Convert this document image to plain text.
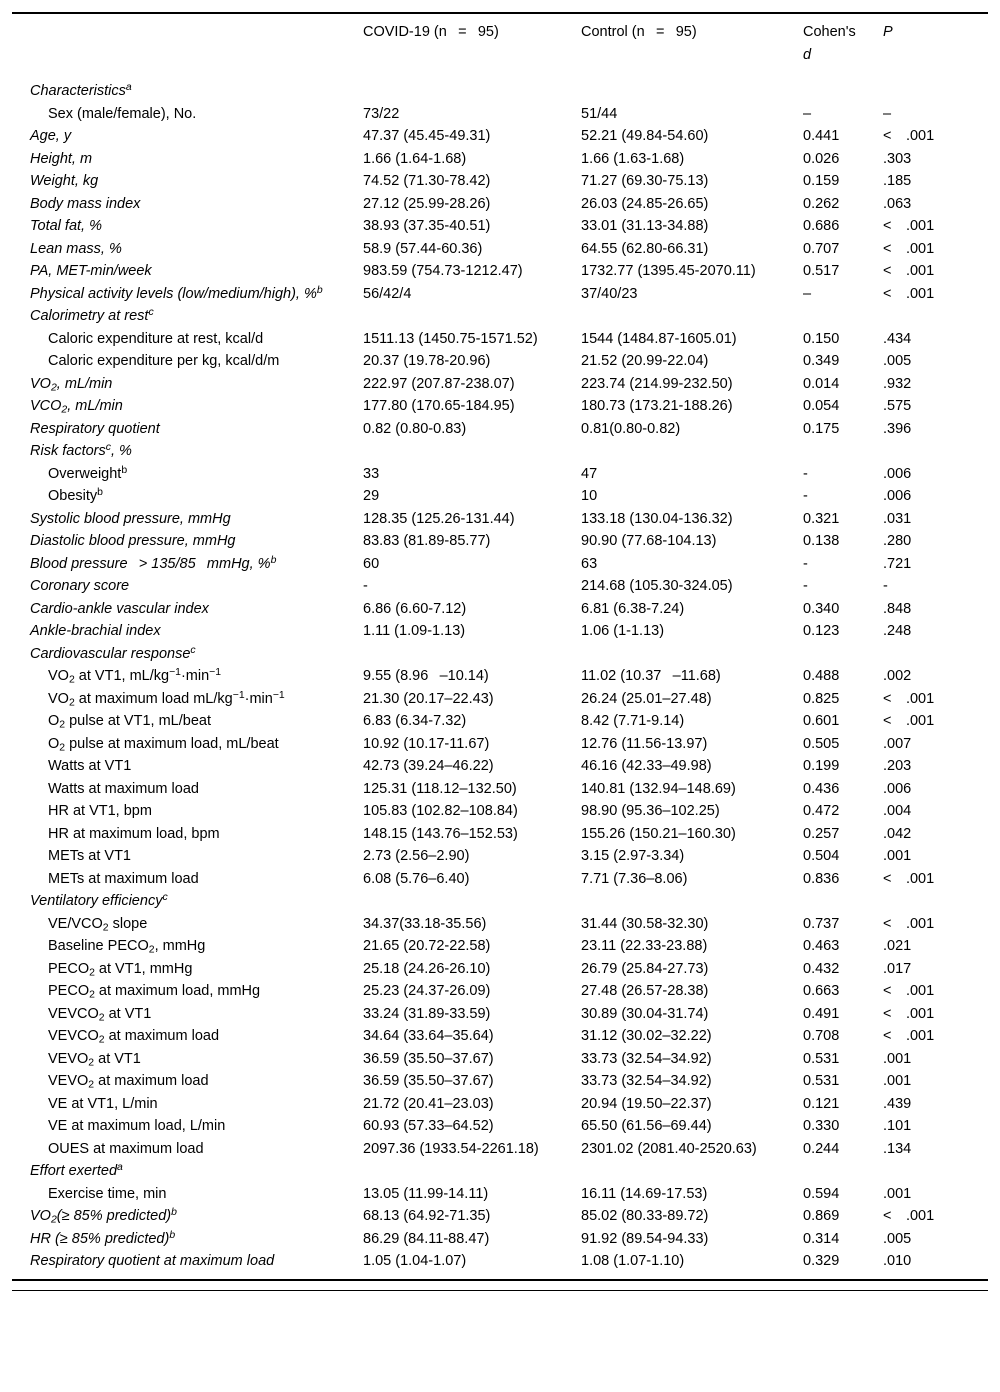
	COVID-19 (n  =  95)	Control (n  =  95)	Cohen's
d	P
Characteristics$^a$				
Sex (male/female), No.	73/22	51/44	–	–
Age, y	47.37 (45.45-49.31)	52.21 (49.84-54.60)	0.441	<  .001
Height, m	1.66 (1.64-1.68)	1.66 (1.63-1.68)	0.026	.303
Weight, kg	74.52 (71.30-78.42)	71.27 (69.30-75.13)	0.159	.185
Body mass index	27.12 (25.99-28.26)	26.03 (24.85-26.65)	0.262	.063
Total fat, %	38.93 (37.35-40.51)	33.01 (31.13-34.88)	0.686	<  .001
Lean mass, %	58.9 (57.44-60.36)	64.55 (62.80-66.31)	0.707	<  .001
PA, MET-min/week	983.59 (754.73-1212.47)	1732.77 (1395.45-2070.11)	0.517	<  .001
Physical activity levels (low/medium/high), %$^b$	56/42/4	37/40/23	–	<  .001
Calorimetry at rest$^c$				
Caloric expenditure at rest, kcal/d	1511.13 (1450.75-1571.52)	1544 (1484.87-1605.01)	0.150	.434
Caloric expenditure per kg, kcal/d/m	20.37 (19.78-20.96)	21.52 (20.99-22.04)	0.349	.005
$VO_2$, mL/min	222.97 (207.87-238.07)	223.74 (214.99-232.50)	0.014	.932
$VCO_2$, mL/min	177.80 (170.65-184.95)	180.73 (173.21-188.26)	0.054	.575
Respiratory quotient	0.82 (0.80-0.83)	0.81(0.80-0.82)	0.175	.396
Risk factors$^c$, %				
Overweight$^b$	33	47	-	.006
Obesity$^b$	29	10	-	.006
Systolic blood pressure, mmHg	128.35 (125.26-131.44)	133.18 (130.04-136.32)	0.321	.031
Diastolic blood pressure, mmHg	83.83 (81.89-85.77)	90.90 (77.68-104.13)	0.138	.280
Blood pressure  > 135/85  mmHg, %$^b$	60	63	-	.721
Coronary score	-	214.68 (105.30-324.05)	-	-
Cardio-ankle vascular index	6.86 (6.60-7.12)	6.81 (6.38-7.24)	0.340	.848
Ankle-brachial index	1.11 (1.09-1.13)	1.06 (1-1.13)	0.123	.248
Cardiovascular response$^c$				
$VO_2$ at VT1, $mL/kg^{-1}\cdot\min^{-1}$	9.55 (8.96  –10.14)	11.02 (10.37  –11.68)	0.488	.002
$VO_2$ at maximum load $mL/kg^{-1}\cdot\min^{-1}$	21.30 (20.17–22.43)	26.24 (25.01–27.48)	0.825	<  .001
$O_2$ pulse at VT1, mL/beat	6.83 (6.34-7.32)	8.42 (7.71-9.14)	0.601	<  .001
$O_2$ pulse at maximum load, mL/beat	10.92 (10.17-11.67)	12.76 (11.56-13.97)	0.505	.007
Watts at VT1	42.73 (39.24–46.22)	46.16 (42.33–49.98)	0.199	.203
Watts at maximum load	125.31 (118.12–132.50)	140.81 (132.94–148.69)	0.436	.006
HR at VT1, bpm	105.83 (102.82–108.84)	98.90 (95.36–102.25)	0.472	.004
HR at maximum load, bpm	148.15 (143.76–152.53)	155.26 (150.21–160.30)	0.257	.042
METs at VT1	2.73 (2.56–2.90)	3.15 (2.97-3.34)	0.504	.001
METs at maximum load	6.08 (5.76–6.40)	7.71 (7.36–8.06)	0.836	<  .001
Ventilatory efficiency$^c$				
$VE/VCO_2$ slope	34.37(33.18-35.56)	31.44 (30.58-32.30)	0.737	<  .001
Baseline $PECO_2$, mmHg	21.65 (20.72-22.58)	23.11 (22.33-23.88)	0.463	.021
$PECO_2$ at VT1, mmHg	25.18 (24.26-26.10)	26.79 (25.84-27.73)	0.432	.017
$PECO_2$ at maximum load, mmHg	25.23 (24.37-26.09)	27.48 (26.57-28.38)	0.663	<  .001
$VEVCO_2$ at VT1	33.24 (31.89-33.59)	30.89 (30.04-31.74)	0.491	<  .001
$VEVCO_2$ at maximum load	34.64 (33.64–35.64)	31.12 (30.02–32.22)	0.708	<  .001
$VEVO_2$ at VT1	36.59 (35.50–37.67)	33.73 (32.54–34.92)	0.531	.001
$VEVO_2$ at maximum load	36.59 (35.50–37.67)	33.73 (32.54–34.92)	0.531	.001
VE at VT1, L/min	21.72 (20.41–23.03)	20.94 (19.50–22.37)	0.121	.439
VE at maximum load, L/min	60.93 (57.33–64.52)	65.50 (61.56–69.44)	0.330	.101
OUES at maximum load	2097.36 (1933.54-2261.18)	2301.02 (2081.40-2520.63)	0.244	.134
Effort exerted$^a$				
Exercise time, min	13.05 (11.99-14.11)	16.11 (14.69-17.53)	0.594	.001
$VO_2(\ge 85\%$ predicted)$^b$	68.13 (64.92-71.35)	85.02 (80.33-89.72)	0.869	<  .001
HR (≥ 85% predicted)$^b$	86.29 (84.11-88.47)	91.92 (89.54-94.33)	0.314	.005
Respiratory quotient at maximum load	1.05 (1.04-1.07)	1.08 (1.07-1.10)	0.329	.010
